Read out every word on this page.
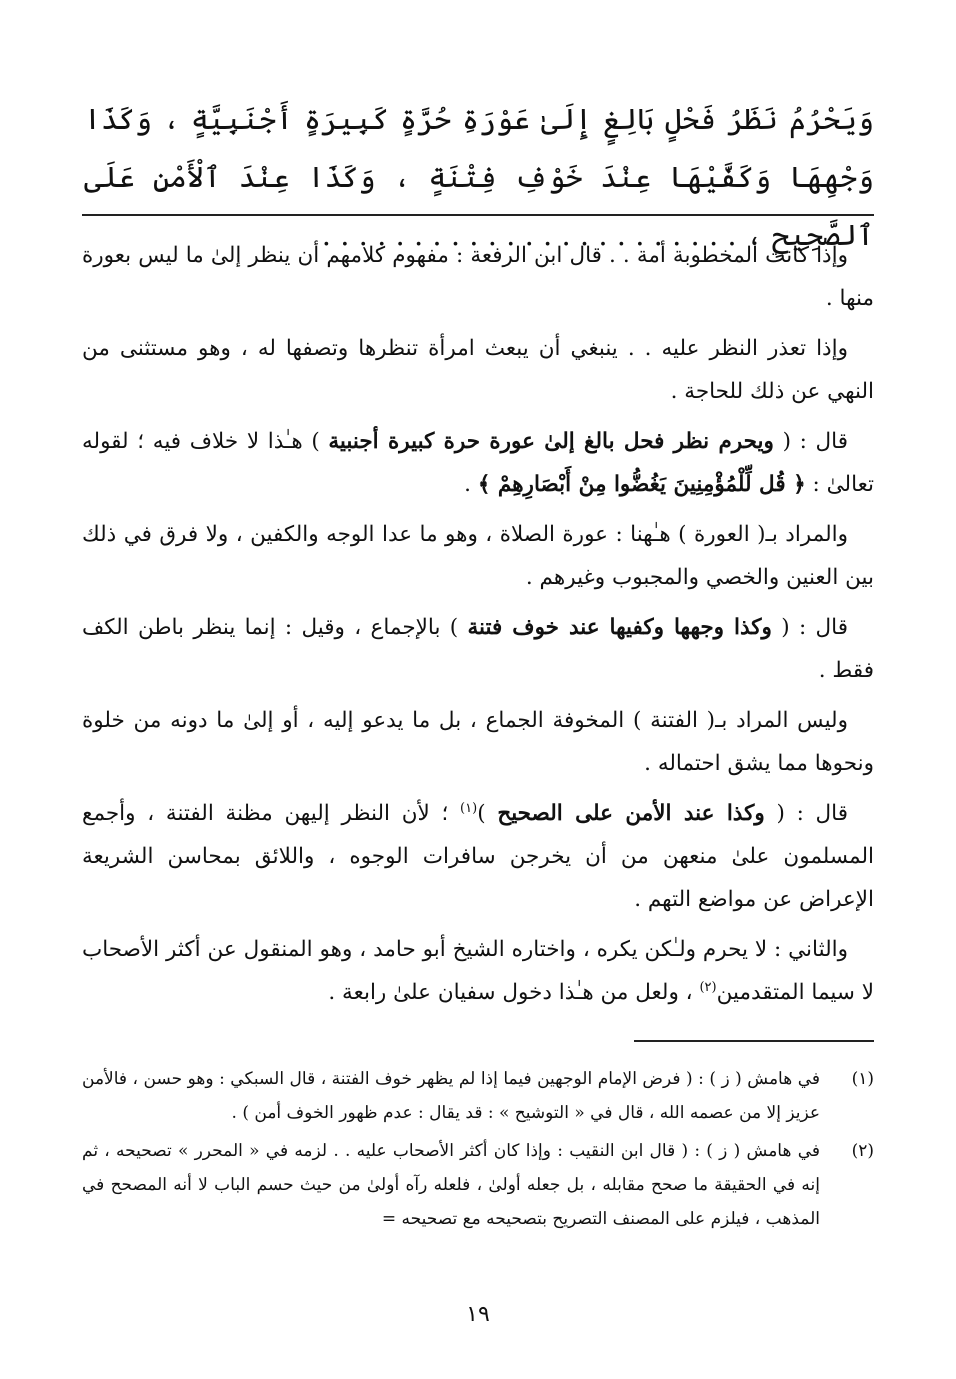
وَيَحْرُمُ نَظَرُ فَحْلٍ بَالِغٍ إِلَىٰ عَوْرَةِ حُرَّةٍ كَبِيرَةٍ أَجْنَبِيَّةٍ ، وَكَذَا وَجْهِهَا وَكَفَّيْهَا عِنْدَ خَوْفِ فِتْنَةٍ ، وَكَذَا عِنْدَ ٱلْأَمْنِ عَلَى ٱلصَّحِيحِ ، . . . . . . . . . . . . . . . . . . . . . . .

وإذا كانت المخطوبة أمة . . قال ابن الرفعة : مفهوم كلامهم أن ينظر إلىٰ ما ليس بعورة منها .

وإذا تعذر النظر عليه . . ينبغي أن يبعث امرأة تنظرها وتصفها له ، وهو مستثنى من النهي عن ذلك للحاجة .

قال : ( ويحرم نظر فحل بالغ إلىٰ عورة حرة كبيرة أجنبية ) هـٰذا لا خلاف فيه ؛ لقوله تعالىٰ : ﴿ قُل لِّلْمُؤْمِنِينَ يَغُضُّوا مِنْ أَبْصَارِهِمْ ﴾ .

والمراد بـ( العورة ) هـٰهنا : عورة الصلاة ، وهو ما عدا الوجه والكفين ، ولا فرق في ذلك بين العنين والخصي والمجبوب وغيرهم .

قال : ( وكذا وجهها وكفيها عند خوف فتنة ) بالإجماع ، وقيل : إنما ينظر باطن الكف فقط .

وليس المراد بـ( الفتنة ) المخوفة الجماع ، بل ما يدعو إليه ، أو إلىٰ ما دونه من خلوة ونحوها مما يشق احتماله .

قال : ( وكذا عند الأمن على الصحيح )$^{(١)}$ ؛ لأن النظر إليهن مظنة الفتنة ، وأجمع المسلمون علىٰ منعهن من أن يخرجن سافرات الوجوه ، واللائق بمحاسن الشريعة الإعراض عن مواضع التهم .

والثاني : لا يحرم ولـٰكن يكره ، واختاره الشيخ أبو حامد ، وهو المنقول عن أكثر الأصحاب لا سيما المتقدمين$^{(٢)}$ ، ولعل من هـٰذا دخول سفيان علىٰ رابعة .

(١)
في هامش ( ز ) : ( فرض الإمام الوجهين فيما إذا لم يظهر خوف الفتنة ، قال السبكي : وهو حسن ، فالأمن عزيز إلا من عصمه الله ، قال في « التوشيح » : قد يقال : عدم ظهور الخوف أمن ) .
(٢)
في هامش ( ز ) : ( قال ابن النقيب : وإذا كان أكثر الأصحاب عليه . . لزمه في « المحرر » تصحيحه ، ثم إنه في الحقيقة ما صحح مقابله ، بل جعله أولىٰ ، فلعله رآه أولىٰ من حيث حسم الباب لا أنه المصحح في المذهب ، فيلزم على المصنف التصريح بتصحيحه مع تصحيحه =
١٩
